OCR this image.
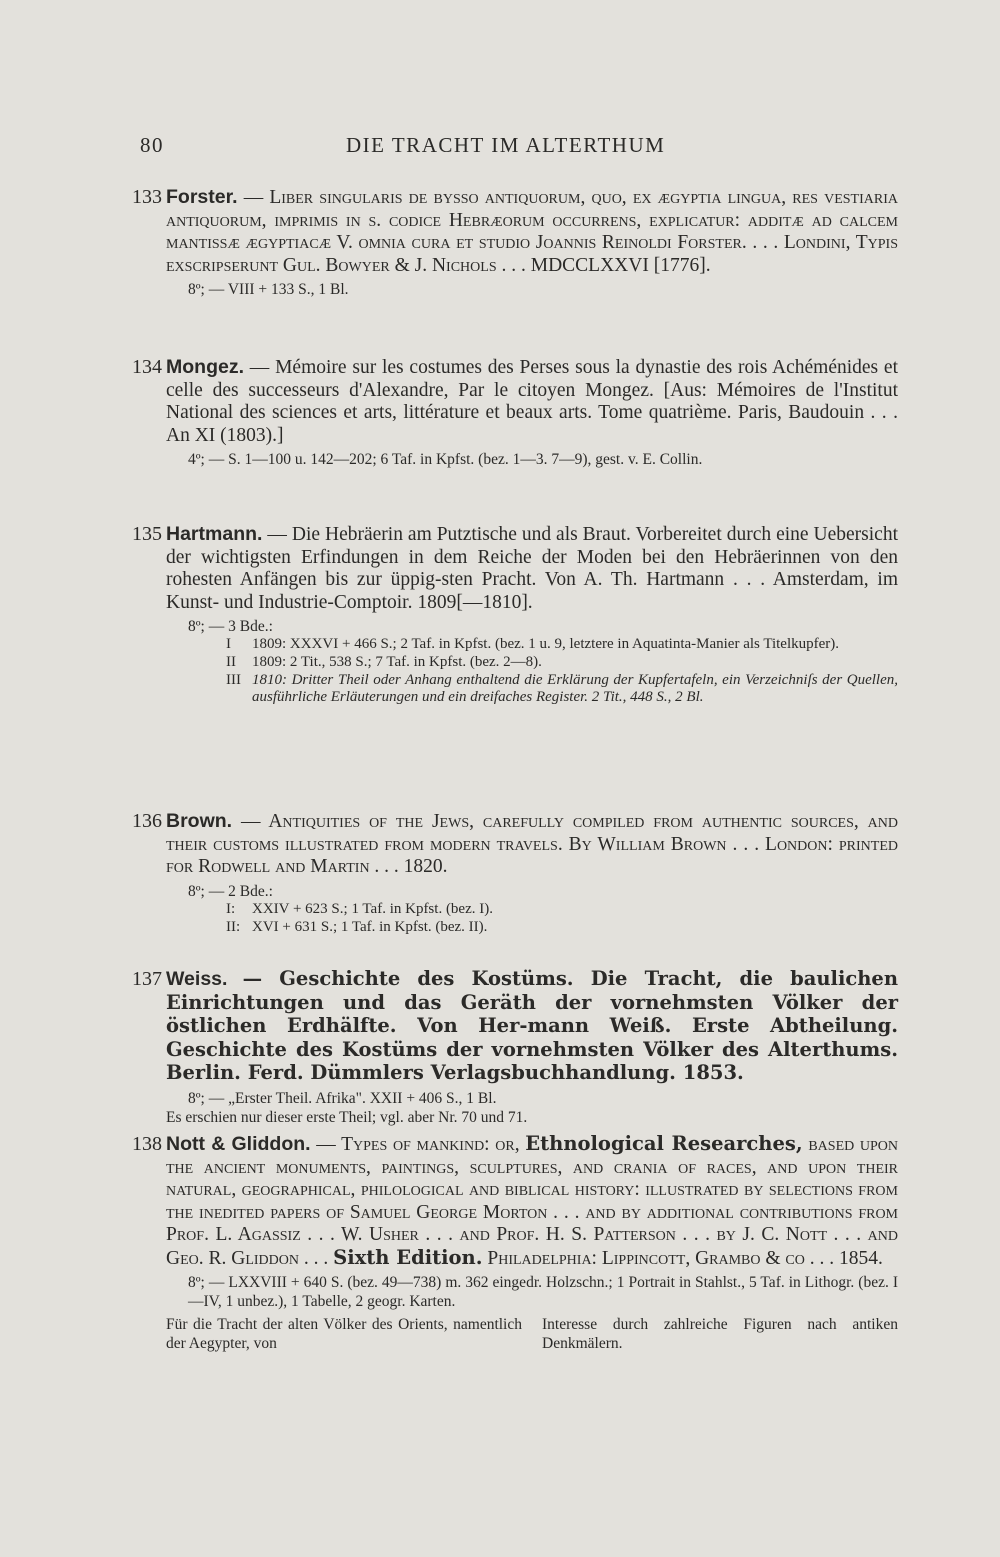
80	DIE TRACHT IM ALTERTHUM
133 Forster. — Liber singularis de bysso antiquorum, quo, ex ægyptia lingua, res vestiaria antiquorum, imprimis in s. codice Hebræorum occurrens, explicatur: additæ ad calcem mantissæ ægyptiacæ V. omnia cura et studio Joannis Reinoldi Forster. . . . Londini, Typis exſcripſerunt Gul. Bowyer & J. Nichols . . . MDCCLXXVI [1776].
8º; — VIII + 133 S., 1 Bl.
134 Mongez. — Mémoire sur les costumes des Perses sous la dynastie des rois Achéménides et celle des successeurs d'Alexandre, Par le citoyen Mongez. [Aus: Mémoires de l'Institut National des sciences et arts, littérature et beaux arts. Tome quatrième. Paris, Baudouin . . . An XI (1803).]
4º; — S. 1—100 u. 142—202; 6 Taf. in Kpfst. (bez. 1—3. 7—9), gest. v. E. Collin.
135 Hartmann. — Die Hebräerin am Putztische und als Braut. Vorbereitet durch eine Uebersicht der wichtigsten Erfindungen in dem Reiche der Moden bei den Hebräerinnen von den rohesten Anfängen bis zur üppig-sten Pracht. Von A. Th. Hartmann . . . Amsterdam, im Kunst- und Industrie-Comptoir. 1809[—1810].
8º; — 3 Bde.:
I	1809: XXXVI + 466 S.; 2 Taf. in Kpfst. (bez. 1 u. 9, letztere in Aquatinta-Manier als Titelkupfer).
II	1809: 2 Tit., 538 S.; 7 Taf. in Kpfst. (bez. 2—8).
III 1810: Dritter Theil oder Anhang enthaltend die Erklärung der Kupfertafeln, ein Verzeichniſs der Quellen, ausführliche Erläuterungen und ein dreifaches Register. 2 Tit., 448 S., 2 Bl.
136 Brown. — Antiquities of the Jews, carefully compiled from authentic sources, and their customs illustrated from modern travels. By William Brown . . . London: printed for Rodwell and Martin . . . 1820.
8º; — 2 Bde.:
I:	XXIV + 623 S.; 1 Taf. in Kpfst. (bez. I).
II: XVI + 631 S.; 1 Taf. in Kpfst. (bez. II).
137 Weiss. — Geschichte des Kostüms. Die Tracht, die baulichen Einrichtungen und das Geräth der vornehmsten Völker der östlichen Erdhälfte. Von Her-mann Weiß. Erste Abtheilung. Geschichte des Kostüms der vornehmsten Völker des Alterthums. Berlin. Ferd. Dümmlers Verlagsbuchhandlung. 1853.
8º; — „Erster Theil. Afrika". XXII + 406 S., 1 Bl.
Es erschien nur dieser erste Theil; vgl. aber Nr. 70 und 71.
138 Nott & Gliddon. — Types of mankind: or, Ethnological Researches, based upon the ancient monuments, paintings, sculptures, and crania of races, and upon their natural, geographical, philological and biblical history: illustrated by selections from the inedited papers of Samuel George Morton . . . and by additional contributions from Prof. L. Agassiz . . . W. Usher . . . and Prof. H. S. Patterson . . . by J. C. Nott . . . and Geo. R. Gliddon . . . Sixth Edition. Philadelphia: Lippincott, Grambo & co . . . 1854.
8º; — LXXVIII + 640 S. (bez. 49—738) m. 362 eingedr. Holzschn.; 1 Portrait in Stahlst., 5 Taf. in Lithogr. (bez. I—IV, 1 unbez.), 1 Tabelle, 2 geogr. Karten.
Für die Tracht der alten Völker des Orients, namentlich der Aegypter, von
Interesse durch zahlreiche Figuren nach antiken Denkmälern.
